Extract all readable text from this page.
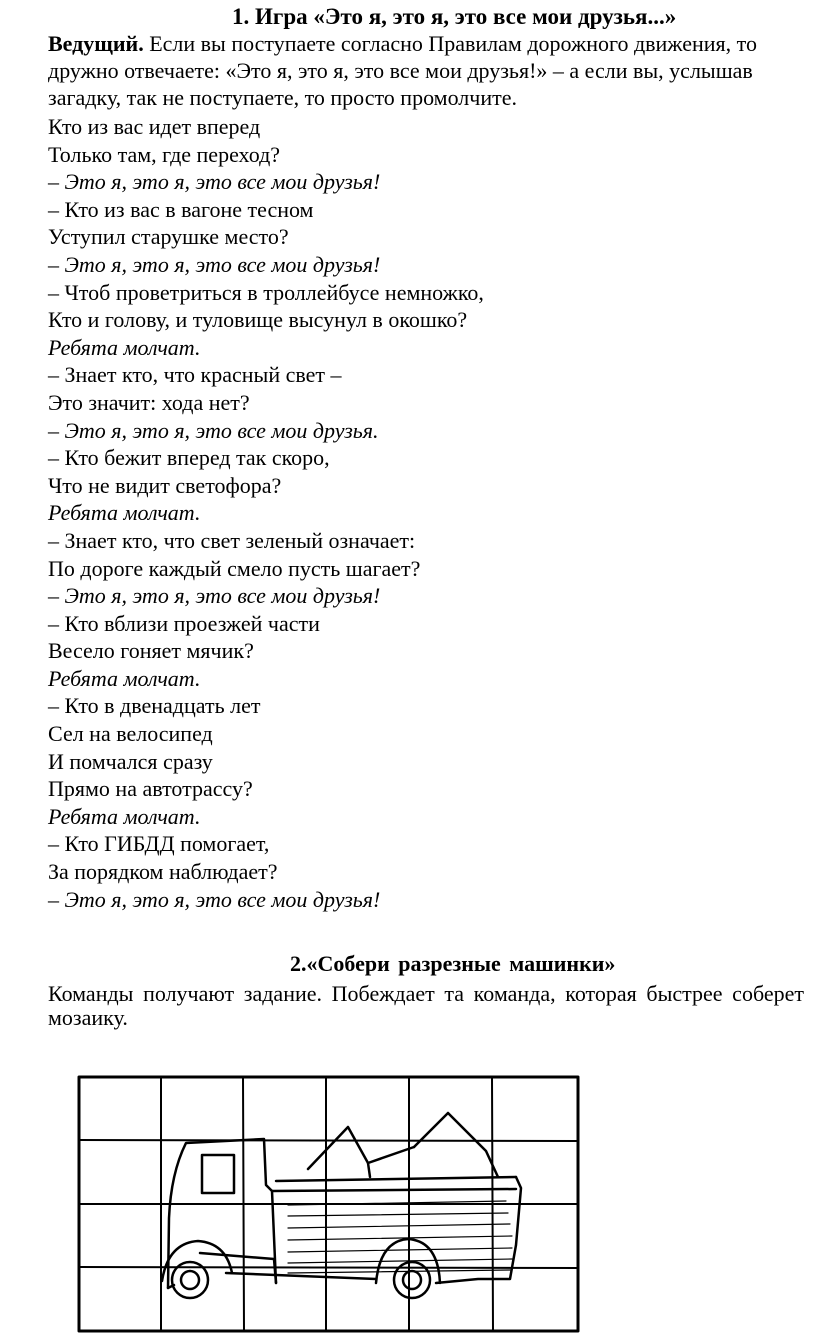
1. Игра «Это я, это я, это все мои друзья...»
Ведущий. Если вы поступаете согласно Правилам дорожного движения, то дружно отвечаете: «Это я, это я, это все мои друзья!» – а если вы, услышав загадку, так не поступаете, то просто промолчите.
Кто из вас идет вперед
Только там, где переход?
– Это я, это я, это все мои друзья!
– Кто из вас в вагоне тесном
Уступил старушке место?
– Это я, это я, это все мои друзья!
– Чтоб проветриться в троллейбусе немножко,
Кто и голову, и туловище высунул в окошко?
Ребята молчат.
– Знает кто, что красный свет –
Это значит: хода нет?
– Это я, это я, это все мои друзья.
– Кто бежит вперед так скоро,
Что не видит светофора?
Ребята молчат.
– Знает кто, что свет зеленый означает:
По дороге каждый смело пусть шагает?
– Это я, это я, это все мои друзья!
– Кто вблизи проезжей части
Весело гоняет мячик?
Ребята молчат.
– Кто в двенадцать лет
Сел на велосипед
И помчался сразу
Прямо на автотрассу?
Ребята молчат.
– Кто ГИБДД помогает,
За порядком наблюдает?
– Это я, это я, это все мои друзья!
2.«Собери разрезные машинки»
Команды получают задание. Побеждает та команда, которая быстрее соберет мозаику.
